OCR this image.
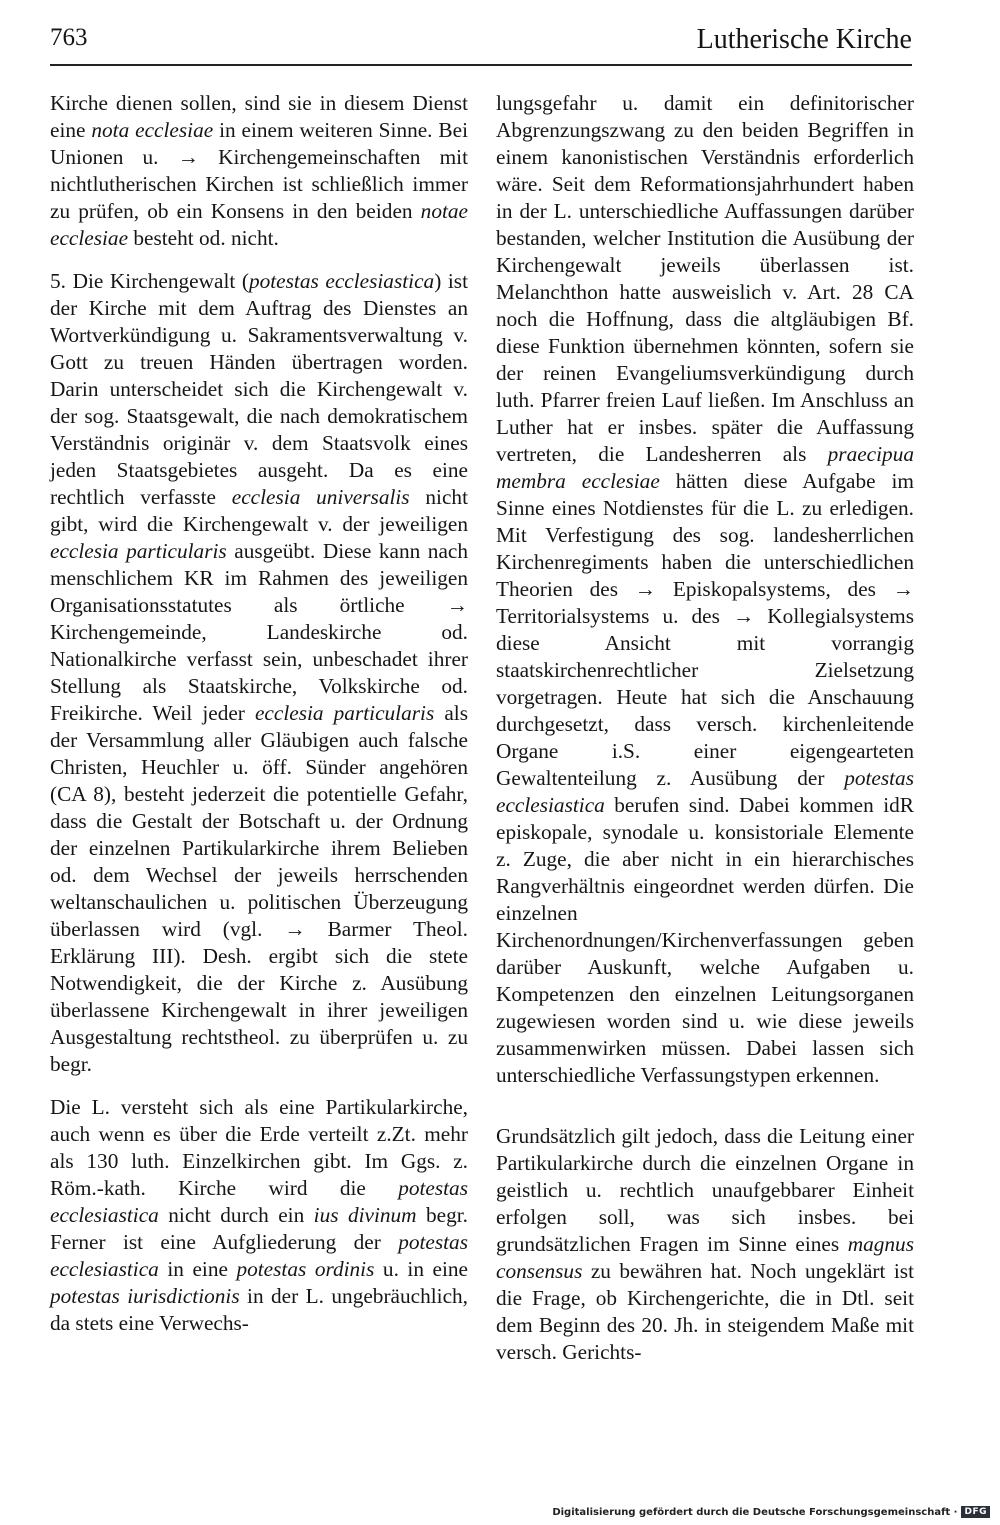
763	Lutherische Kirche

Kirche dienen sollen, sind sie in diesem Dienst eine nota ecclesiae in einem weiteren Sinne. Bei Unionen u. → Kirchengemeinschaften mit nichtlutherischen Kirchen ist schließlich immer zu prüfen, ob ein Konsens in den beiden notae ecclesiae besteht od. nicht.

5. Die Kirchengewalt (potestas ecclesiastica) ist der Kirche mit dem Auftrag des Dienstes an Wortverkündigung u. Sakramentsverwaltung v. Gott zu treuen Händen übertragen worden. Darin unterscheidet sich die Kirchengewalt v. der sog. Staatsgewalt, die nach demokratischem Verständnis originär v. dem Staatsvolk eines jeden Staatsgebietes ausgeht. Da es eine rechtlich verfasste ecclesia universalis nicht gibt, wird die Kirchengewalt v. der jeweiligen ecclesia particularis ausgeübt. Diese kann nach menschlichem KR im Rahmen des jeweiligen Organisationsstatutes als örtliche → Kirchengemeinde, Landeskirche od. Nationalkirche verfasst sein, unbeschadet ihrer Stellung als Staatskirche, Volkskirche od. Freikirche. Weil jeder ecclesia particularis als der Versammlung aller Gläubigen auch falsche Christen, Heuchler u. öff. Sünder angehören (CA 8), besteht jederzeit die potentielle Gefahr, dass die Gestalt der Botschaft u. der Ordnung der einzelnen Partikularkirche ihrem Belieben od. dem Wechsel der jeweils herrschenden weltanschaulichen u. politischen Überzeugung überlassen wird (vgl. → Barmer Theol. Erklärung III). Desh. ergibt sich die stete Notwendigkeit, die der Kirche z. Ausübung überlassene Kirchengewalt in ihrer jeweiligen Ausgestaltung rechtstheol. zu überprüfen u. zu begr.

Die L. versteht sich als eine Partikularkirche, auch wenn es über die Erde verteilt z.Zt. mehr als 130 luth. Einzelkirchen gibt. Im Ggs. z. Röm.-kath. Kirche wird die potestas ecclesiastica nicht durch ein ius divinum begr. Ferner ist eine Aufgliederung der potestas ecclesiastica in eine potestas ordinis u. in eine potestas iurisdictionis in der L. ungebräuchlich, da stets eine Verwechs-

lungsgefahr u. damit ein definitorischer Abgrenzungszwang zu den beiden Begriffen in einem kanonistischen Verständnis erforderlich wäre. Seit dem Reformationsjahrhundert haben in der L. unterschiedliche Auffassungen darüber bestanden, welcher Institution die Ausübung der Kirchengewalt jeweils überlassen ist. Melanchthon hatte ausweislich v. Art. 28 CA noch die Hoffnung, dass die altgläubigen Bf. diese Funktion übernehmen könnten, sofern sie der reinen Evangeliumsverkündigung durch luth. Pfarrer freien Lauf ließen. Im Anschluss an Luther hat er insbes. später die Auffassung vertreten, die Landesherren als praecipua membra ecclesiae hätten diese Aufgabe im Sinne eines Notdienstes für die L. zu erledigen. Mit Verfestigung des sog. landesherrlichen Kirchenregiments haben die unterschiedlichen Theorien des → Episkopalsystems, des → Territorialsystems u. des → Kollegialsystems diese Ansicht mit vorrangig staatskirchenrechtlicher Zielsetzung vorgetragen. Heute hat sich die Anschauung durchgesetzt, dass versch. kirchenleitende Organe i.S. einer eigengearteten Gewaltenteilung z. Ausübung der potestas ecclesiastica berufen sind. Dabei kommen idR episkopale, synodale u. konsistoriale Elemente z. Zuge, die aber nicht in ein hierarchisches Rangverhältnis eingeordnet werden dürfen. Die einzelnen Kirchenordnungen/Kirchenverfassungen geben darüber Auskunft, welche Aufgaben u. Kompetenzen den einzelnen Leitungsorganen zugewiesen worden sind u. wie diese jeweils zusammenwirken müssen. Dabei lassen sich unterschiedliche Verfassungstypen erkennen.

Grundsätzlich gilt jedoch, dass die Leitung einer Partikularkirche durch die einzelnen Organe in geistlich u. rechtlich unaufgebbarer Einheit erfolgen soll, was sich insbes. bei grundsätzlichen Fragen im Sinne eines magnus consensus zu bewähren hat. Noch ungeklärt ist die Frage, ob Kirchengerichte, die in Dtl. seit dem Beginn des 20. Jh. in steigendem Maße mit versch. Gerichts-

Digitalisierung gefördert durch die Deutsche Forschungsgemeinschaft · DFG
